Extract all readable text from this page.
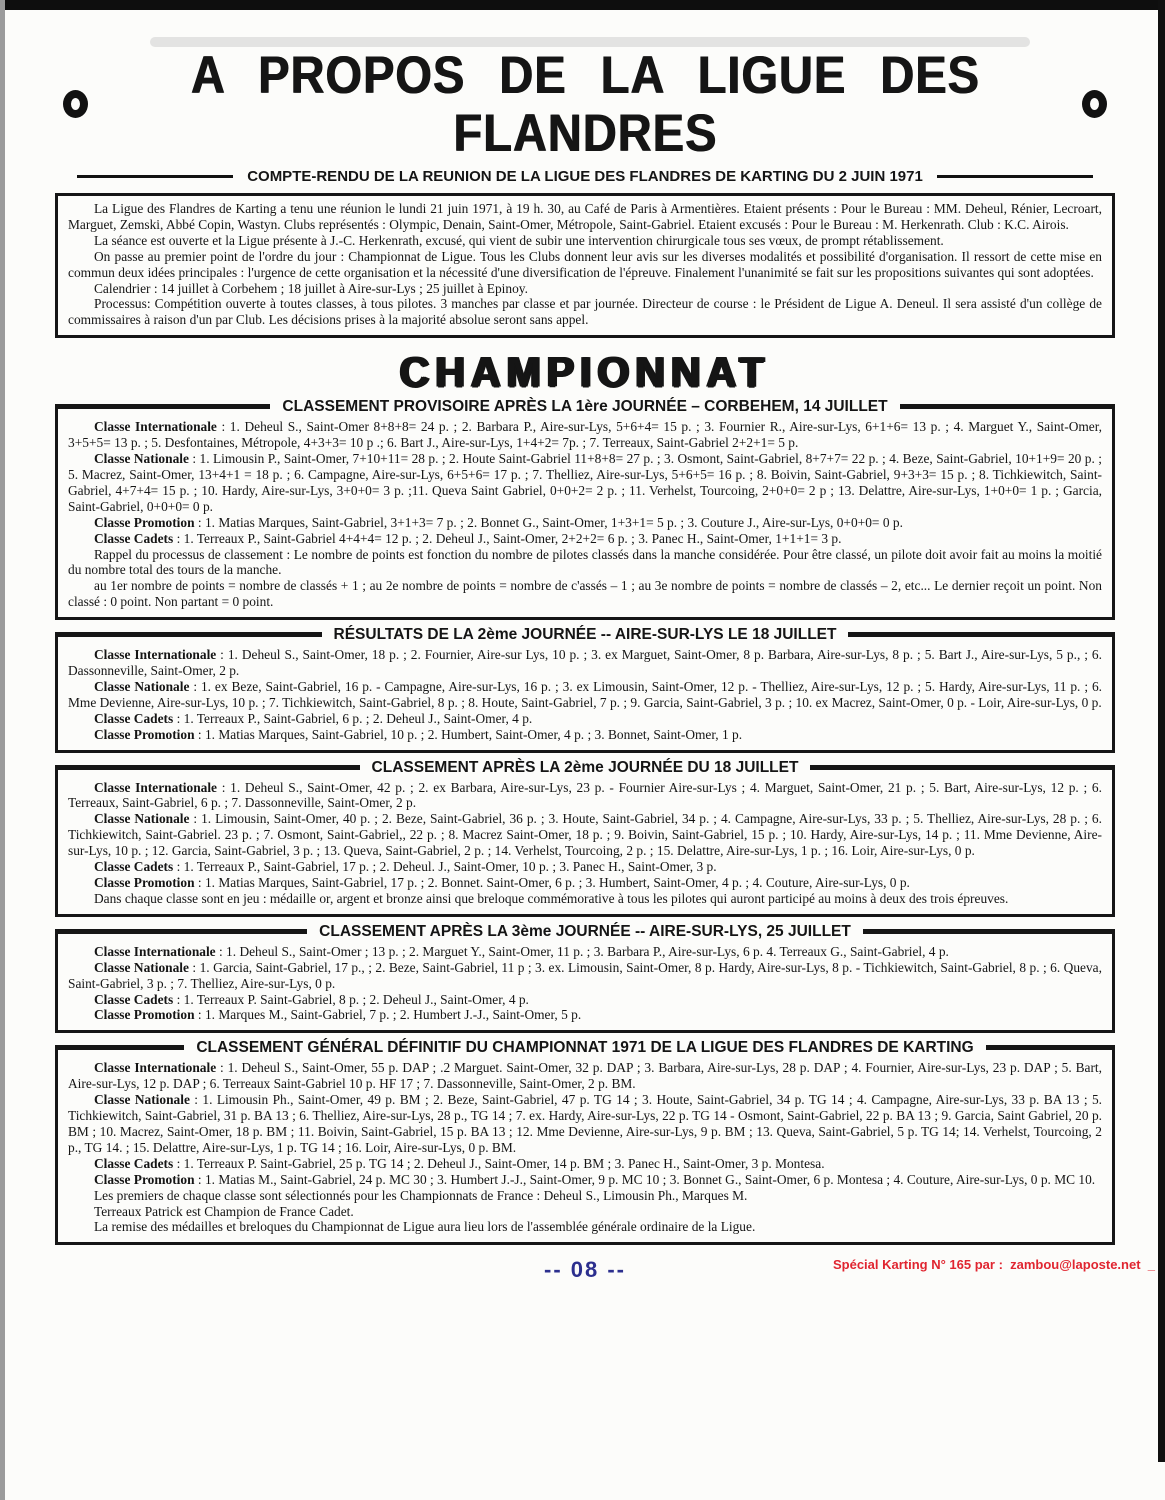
A PROPOS DE LA LIGUE DES FLANDRES
COMPTE-RENDU DE LA REUNION DE LA LIGUE DES FLANDRES DE KARTING DU 2 JUIN 1971

La Ligue des Flandres de Karting a tenu une réunion le lundi 21 juin 1971, à 19 h. 30, au Café de Paris à Armentières. Etaient présents : Pour le Bureau : MM. Deheul, Rénier, Lecroart, Marguet, Zemski, Abbé Copin, Wastyn. Clubs représentés : Olympic, Denain, Saint-Omer, Métropole, Saint-Gabriel. Etaient excusés : Pour le Bureau : M. Herkenrath. Club : K.C. Airois.

La séance est ouverte et la Ligue présente à J.-C. Herkenrath, excusé, qui vient de subir une intervention chirurgicale tous ses vœux, de prompt rétablissement.

On passe au premier point de l'ordre du jour : Championnat de Ligue. Tous les Clubs donnent leur avis sur les diverses modalités et possibilité d'organisation. Il ressort de cette mise en commun deux idées principales : l'urgence de cette organisation et la nécessité d'une diversification de l'épreuve. Finalement l'unanimité se fait sur les propositions suivantes qui sont adoptées.

Calendrier : 14 juillet à Corbehem ; 18 juillet à Aire-sur-Lys ; 25 juillet à Epinoy.

Processus: Compétition ouverte à toutes classes, à tous pilotes. 3 manches par classe et par journée. Directeur de course : le Président de Ligue A. Deneul. Il sera assisté d'un collège de commissaires à raison d'un par Club. Les décisions prises à la majorité absolue seront sans appel.

CHAMPIONNAT
CLASSEMENT PROVISOIRE APRÈS LA 1ère JOURNÉE – CORBEHEM, 14 JUILLET

Classe Internationale : 1. Deheul S., Saint-Omer 8+8+8= 24 p. ; 2. Barbara P., Aire-sur-Lys, 5+6+4= 15 p. ; 3. Fournier R., Aire-sur-Lys, 6+1+6= 13 p. ; 4. Marguet Y., Saint-Omer, 3+5+5= 13 p. ; 5. Desfontaines, Métropole, 4+3+3= 10 p .; 6. Bart J., Aire-sur-Lys, 1+4+2= 7p. ; 7. Terreaux, Saint-Gabriel 2+2+1= 5 p.

Classe Nationale : 1. Limousin P., Saint-Omer, 7+10+11= 28 p. ; 2. Houte Saint-Gabriel 11+8+8= 27 p. ; 3. Osmont, Saint-Gabriel, 8+7+7= 22 p. ; 4. Beze, Saint-Gabriel, 10+1+9= 20 p. ; 5. Macrez, Saint-Omer, 13+4+1 = 18 p. ; 6. Campagne, Aire-sur-Lys, 6+5+6= 17 p. ; 7. Thelliez, Aire-sur-Lys, 5+6+5= 16 p. ; 8. Boivin, Saint-Gabriel, 9+3+3= 15 p. ; 8. Tichkiewitch, Saint-Gabriel, 4+7+4= 15 p. ; 10. Hardy, Aire-sur-Lys, 3+0+0= 3 p. ;11. Queva Saint Gabriel, 0+0+2= 2 p. ; 11. Verhelst, Tourcoing, 2+0+0= 2 p ; 13. Delattre, Aire-sur-Lys, 1+0+0= 1 p. ; Garcia, Saint-Gabriel, 0+0+0= 0 p.

Classe Promotion : 1. Matias Marques, Saint-Gabriel, 3+1+3= 7 p. ; 2. Bonnet G., Saint-Omer, 1+3+1= 5 p. ; 3. Couture J., Aire-sur-Lys, 0+0+0= 0 p.

Classe Cadets : 1. Terreaux P., Saint-Gabriel 4+4+4= 12 p. ; 2. Deheul J., Saint-Omer, 2+2+2= 6 p. ; 3. Panec H., Saint-Omer, 1+1+1= 3 p.

Rappel du processus de classement : Le nombre de points est fonction du nombre de pilotes classés dans la manche considérée. Pour être classé, un pilote doit avoir fait au moins la moitié du nombre total des tours de la manche.

au 1er nombre de points = nombre de classés + 1 ; au 2e nombre de points = nombre de c'assés – 1 ; au 3e nombre de points = nombre de classés – 2, etc... Le dernier reçoit un point. Non classé : 0 point. Non partant = 0 point.

RÉSULTATS DE LA 2ème JOURNÉE -- AIRE-SUR-LYS LE 18 JUILLET

Classe Internationale : 1. Deheul S., Saint-Omer, 18 p. ; 2. Fournier, Aire-sur Lys, 10 p. ; 3. ex Marguet, Saint-Omer, 8 p. Barbara, Aire-sur-Lys, 8 p. ; 5. Bart J., Aire-sur-Lys, 5 p., ; 6. Dassonneville, Saint-Omer, 2 p.

Classe Nationale : 1. ex Beze, Saint-Gabriel, 16 p. - Campagne, Aire-sur-Lys, 16 p. ; 3. ex Limousin, Saint-Omer, 12 p. - Thelliez, Aire-sur-Lys, 12 p. ; 5. Hardy, Aire-sur-Lys, 11 p. ; 6. Mme Devienne, Aire-sur-Lys, 10 p. ; 7. Tichkiewitch, Saint-Gabriel, 8 p. ; 8. Houte, Saint-Gabriel, 7 p. ; 9. Garcia, Saint-Gabriel, 3 p. ; 10. ex Macrez, Saint-Omer, 0 p. - Loir, Aire-sur-Lys, 0 p.

Classe Cadets : 1. Terreaux P., Saint-Gabriel, 6 p. ; 2. Deheul J., Saint-Omer, 4 p.

Classe Promotion : 1. Matias Marques, Saint-Gabriel, 10 p. ; 2. Humbert, Saint-Omer, 4 p. ; 3. Bonnet, Saint-Omer, 1 p.

CLASSEMENT APRÈS LA 2ème JOURNÉE DU 18 JUILLET

Classe Internationale : 1. Deheul S., Saint-Omer, 42 p. ; 2. ex Barbara, Aire-sur-Lys, 23 p. - Fournier Aire-sur-Lys ; 4. Marguet, Saint-Omer, 21 p. ; 5. Bart, Aire-sur-Lys, 12 p. ; 6. Terreaux, Saint-Gabriel, 6 p. ; 7. Dassonneville, Saint-Omer, 2 p.

Classe Nationale : 1. Limousin, Saint-Omer, 40 p. ; 2. Beze, Saint-Gabriel, 36 p. ; 3. Houte, Saint-Gabriel, 34 p. ; 4. Campagne, Aire-sur-Lys, 33 p. ; 5. Thelliez, Aire-sur-Lys, 28 p. ; 6. Tichkiewitch, Saint-Gabriel. 23 p. ; 7. Osmont, Saint-Gabriel,, 22 p. ; 8. Macrez Saint-Omer, 18 p. ; 9. Boivin, Saint-Gabriel, 15 p. ; 10. Hardy, Aire-sur-Lys, 14 p. ; 11. Mme Devienne, Aire-sur-Lys, 10 p. ; 12. Garcia, Saint-Gabriel, 3 p. ; 13. Queva, Saint-Gabriel, 2 p. ; 14. Verhelst, Tourcoing, 2 p. ; 15. Delattre, Aire-sur-Lys, 1 p. ; 16. Loir, Aire-sur-Lys, 0 p.

Classe Cadets : 1. Terreaux P., Saint-Gabriel, 17 p. ; 2. Deheul. J., Saint-Omer, 10 p. ; 3. Panec H., Saint-Omer, 3 p.

Classe Promotion : 1. Matias Marques, Saint-Gabriel, 17 p. ; 2. Bonnet. Saint-Omer, 6 p. ; 3. Humbert, Saint-Omer, 4 p. ; 4. Couture, Aire-sur-Lys, 0 p.

Dans chaque classe sont en jeu : médaille or, argent et bronze ainsi que breloque commémorative à tous les pilotes qui auront participé au moins à deux des trois épreuves.

CLASSEMENT APRÈS LA 3ème JOURNÉE -- AIRE-SUR-LYS, 25 JUILLET

Classe Internationale : 1. Deheul S., Saint-Omer ; 13 p. ; 2. Marguet Y., Saint-Omer, 11 p. ; 3. Barbara P., Aire-sur-Lys, 6 p. 4. Terreaux G., Saint-Gabriel, 4 p.

Classe Nationale : 1. Garcia, Saint-Gabriel, 17 p., ; 2. Beze, Saint-Gabriel, 11 p ; 3. ex. Limousin, Saint-Omer, 8 p. Hardy, Aire-sur-Lys, 8 p. - Tichkiewitch, Saint-Gabriel, 8 p. ; 6. Queva, Saint-Gabriel, 3 p. ; 7. Thelliez, Aire-sur-Lys, 0 p.

Classe Cadets : 1. Terreaux P. Saint-Gabriel, 8 p. ; 2. Deheul J., Saint-Omer, 4 p.

Classe Promotion : 1. Marques M., Saint-Gabriel, 7 p. ; 2. Humbert J.-J., Saint-Omer, 5 p.

CLASSEMENT GÉNÉRAL DÉFINITIF DU CHAMPIONNAT 1971 DE LA LIGUE DES FLANDRES DE KARTING

Classe Internationale : 1. Deheul S., Saint-Omer, 55 p. DAP ; .2 Marguet. Saint-Omer, 32 p. DAP ; 3. Barbara, Aire-sur-Lys, 28 p. DAP ; 4. Fournier, Aire-sur-Lys, 23 p. DAP ; 5. Bart, Aire-sur-Lys, 12 p. DAP ; 6. Terreaux Saint-Gabriel 10 p. HF 17 ; 7. Dassonneville, Saint-Omer, 2 p. BM.

Classe Nationale : 1. Limousin Ph., Saint-Omer, 49 p. BM ; 2. Beze, Saint-Gabriel, 47 p. TG 14 ; 3. Houte, Saint-Gabriel, 34 p. TG 14 ; 4. Campagne, Aire-sur-Lys, 33 p. BA 13 ; 5. Tichkiewitch, Saint-Gabriel, 31 p. BA 13 ; 6. Thelliez, Aire-sur-Lys, 28 p., TG 14 ; 7. ex. Hardy, Aire-sur-Lys, 22 p. TG 14 - Osmont, Saint-Gabriel, 22 p. BA 13 ; 9. Garcia, Saint Gabriel, 20 p. BM ; 10. Macrez, Saint-Omer, 18 p. BM ; 11. Boivin, Saint-Gabriel, 15 p. BA 13 ; 12. Mme Devienne, Aire-sur-Lys, 9 p. BM ; 13. Queva, Saint-Gabriel, 5 p. TG 14; 14. Verhelst, Tourcoing, 2 p., TG 14. ; 15. Delattre, Aire-sur-Lys, 1 p. TG 14 ; 16. Loir, Aire-sur-Lys, 0 p. BM.

Classe Cadets : 1. Terreaux P. Saint-Gabriel, 25 p. TG 14 ; 2. Deheul J., Saint-Omer, 14 p. BM ; 3. Panec H., Saint-Omer, 3 p. Montesa.

Classe Promotion : 1. Matias M., Saint-Gabriel, 24 p. MC 30 ; 3. Humbert J.-J., Saint-Omer, 9 p. MC 10 ; 3. Bonnet G., Saint-Omer, 6 p. Montesa ; 4. Couture, Aire-sur-Lys, 0 p. MC 10.

Les premiers de chaque classe sont sélectionnés pour les Championnats de France : Deheul S., Limousin Ph., Marques M.

Terreaux Patrick est Champion de France Cadet.

La remise des médailles et breloques du Championnat de Ligue aura lieu lors de l'assemblée générale ordinaire de la Ligue.

-- 08 --	Spécial Karting N° 165 par :  zambou@laposte.net  _
